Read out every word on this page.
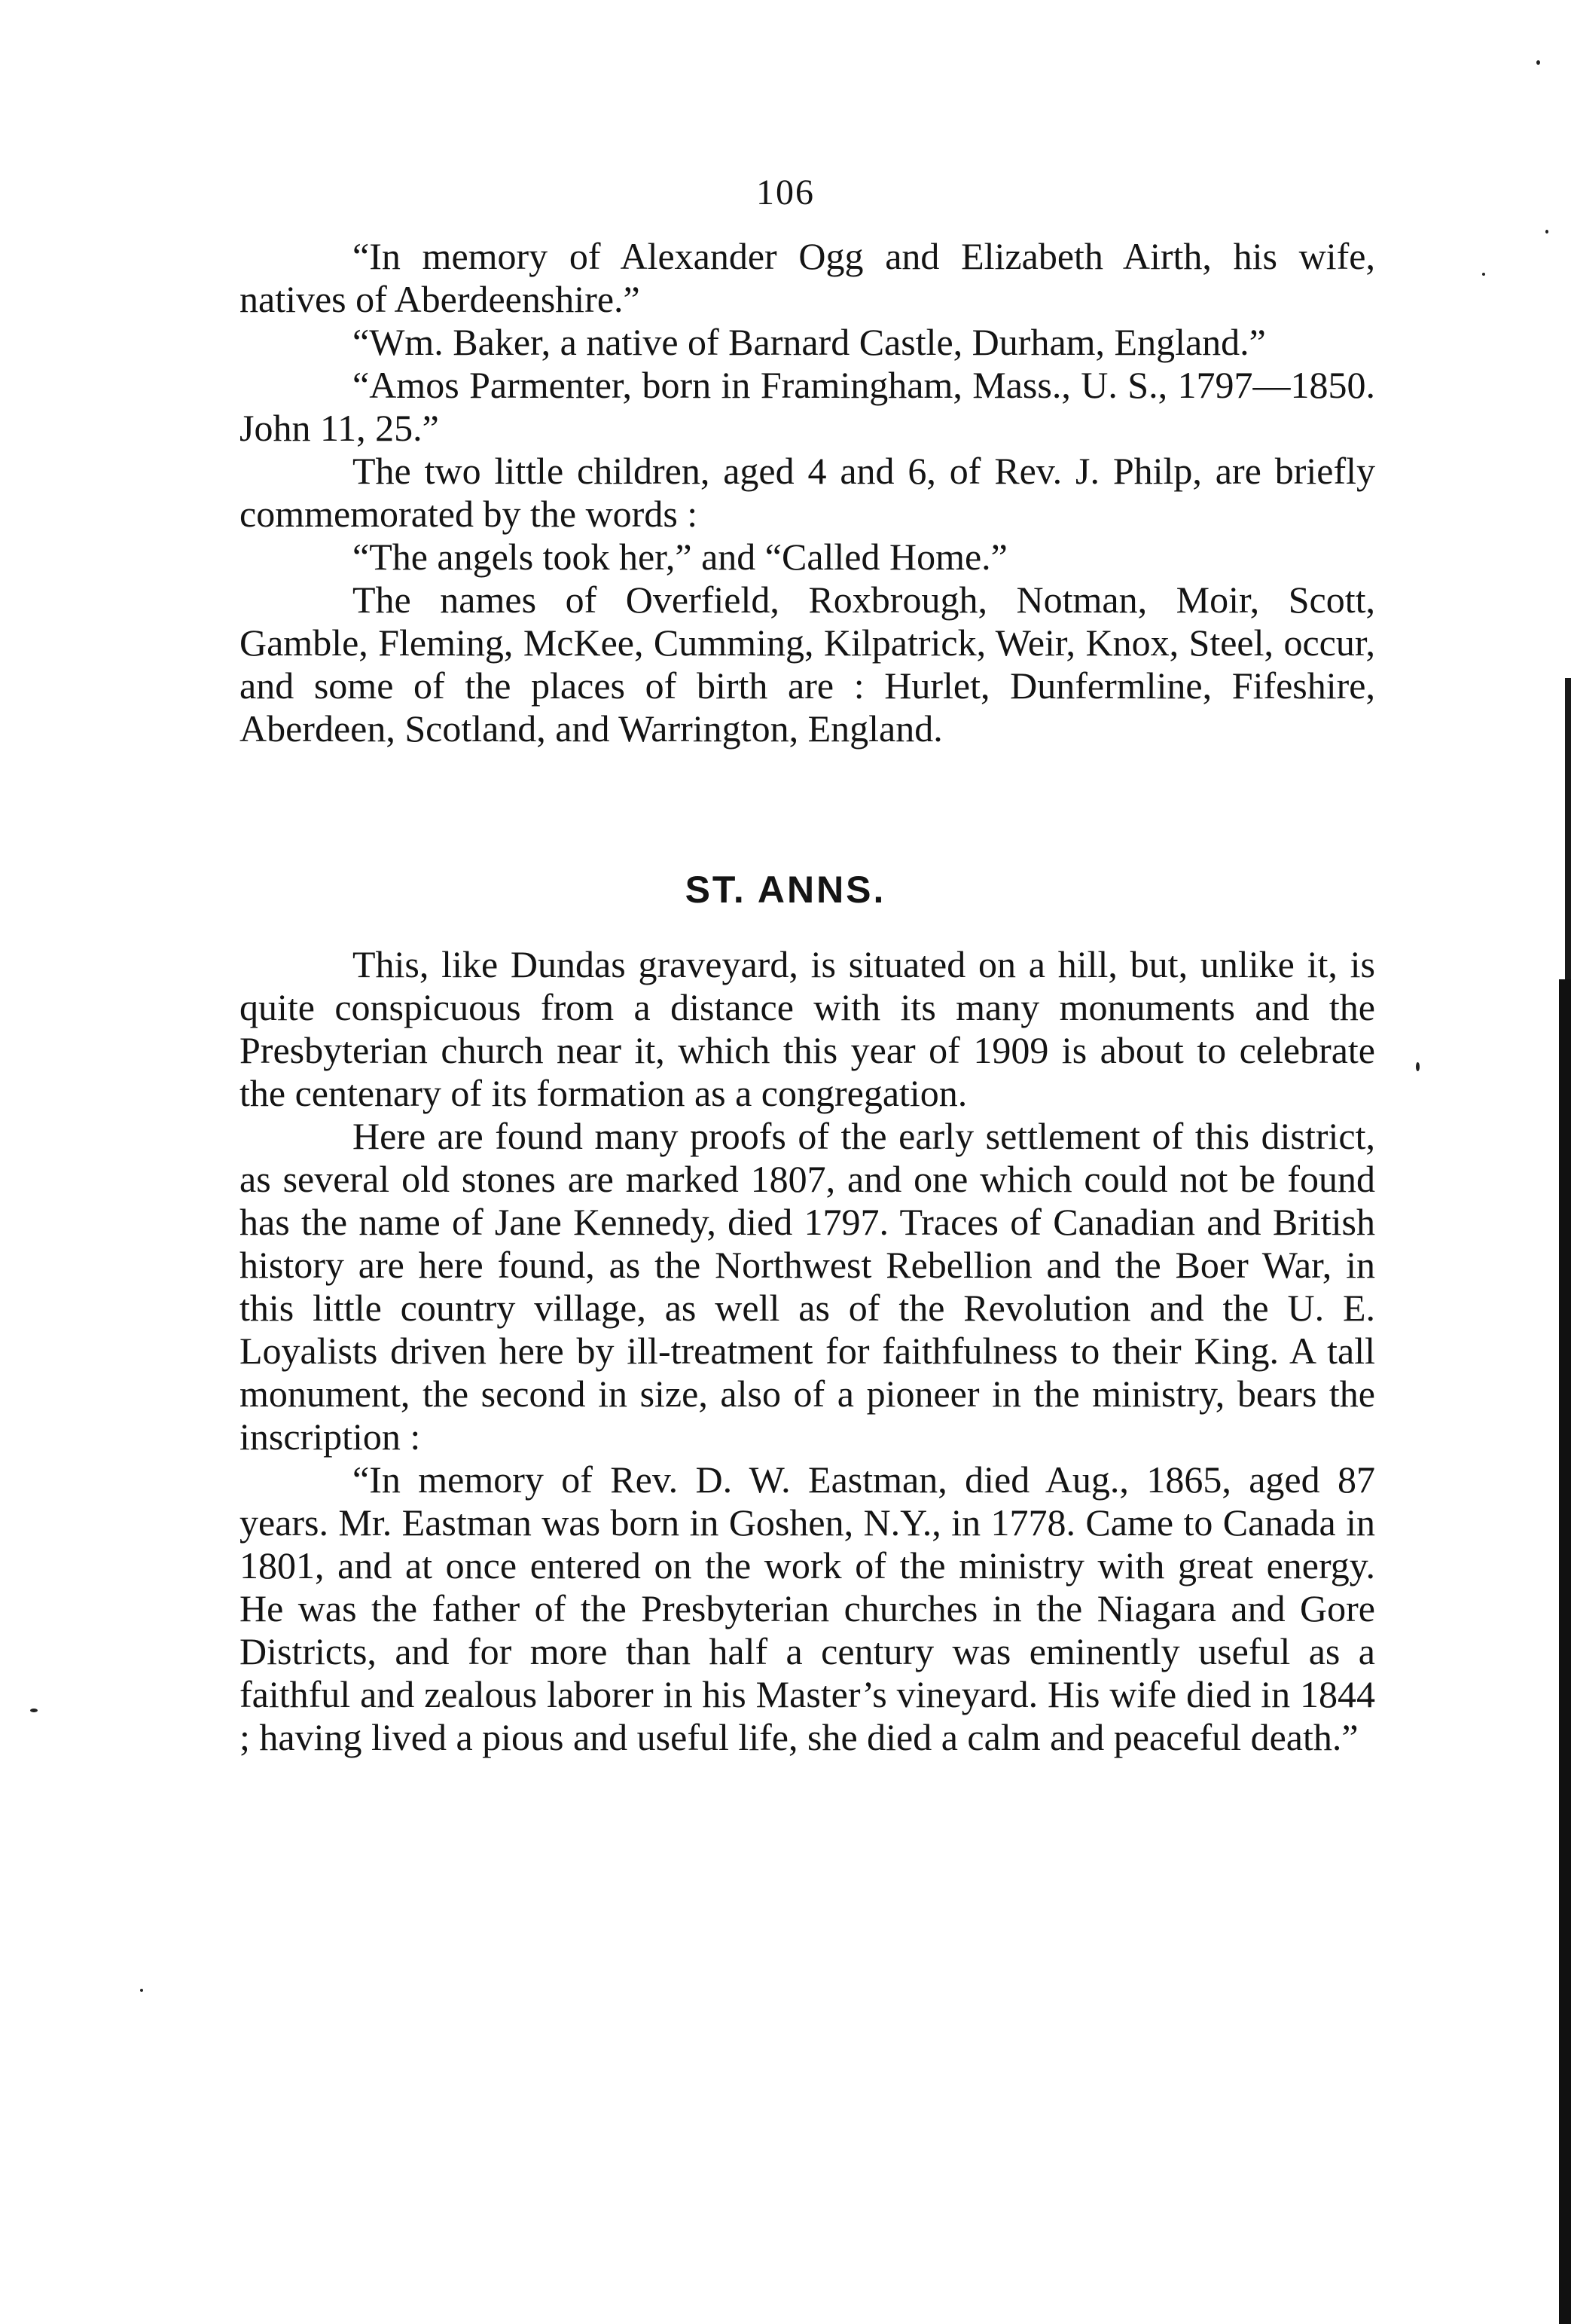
106

“In memory of Alexander Ogg and Elizabeth Airth, his wife, natives of Aberdeenshire.”

“Wm. Baker, a native of Barnard Castle, Durham, England.”

“Amos Parmenter, born in Framingham, Mass., U. S., 1797—1850. John 11, 25.”

The two little children, aged 4 and 6, of Rev. J. Philp, are briefly commemorated by the words :

“The angels took her,” and “Called Home.”

The names of Overfield, Roxbrough, Notman, Moir, Scott, Gamble, Fleming, McKee, Cumming, Kilpatrick, Weir, Knox, Steel, occur, and some of the places of birth are : Hurlet, Dunfermline, Fifeshire, Aberdeen, Scotland, and Warrington, England.

ST. ANNS.

This, like Dundas graveyard, is situated on a hill, but, unlike it, is quite conspicuous from a distance with its many monuments and the Presbyterian church near it, which this year of 1909 is about to celebrate the centenary of its formation as a congregation.

Here are found many proofs of the early settlement of this district, as several old stones are marked 1807, and one which could not be found has the name of Jane Kennedy, died 1797. Traces of Canadian and British history are here found, as the Northwest Rebellion and the Boer War, in this little country village, as well as of the Revolution and the U. E. Loyalists driven here by ill-treatment for faithfulness to their King. A tall monument, the second in size, also of a pioneer in the ministry, bears the inscription :

“In memory of Rev. D. W. Eastman, died Aug., 1865, aged 87 years. Mr. Eastman was born in Goshen, N.Y., in 1778. Came to Canada in 1801, and at once entered on the work of the ministry with great energy. He was the father of the Presbyterian churches in the Niagara and Gore Districts, and for more than half a century was eminently useful as a faithful and zealous laborer in his Master’s vineyard. His wife died in 1844 ; having lived a pious and useful life, she died a calm and peaceful death.”
